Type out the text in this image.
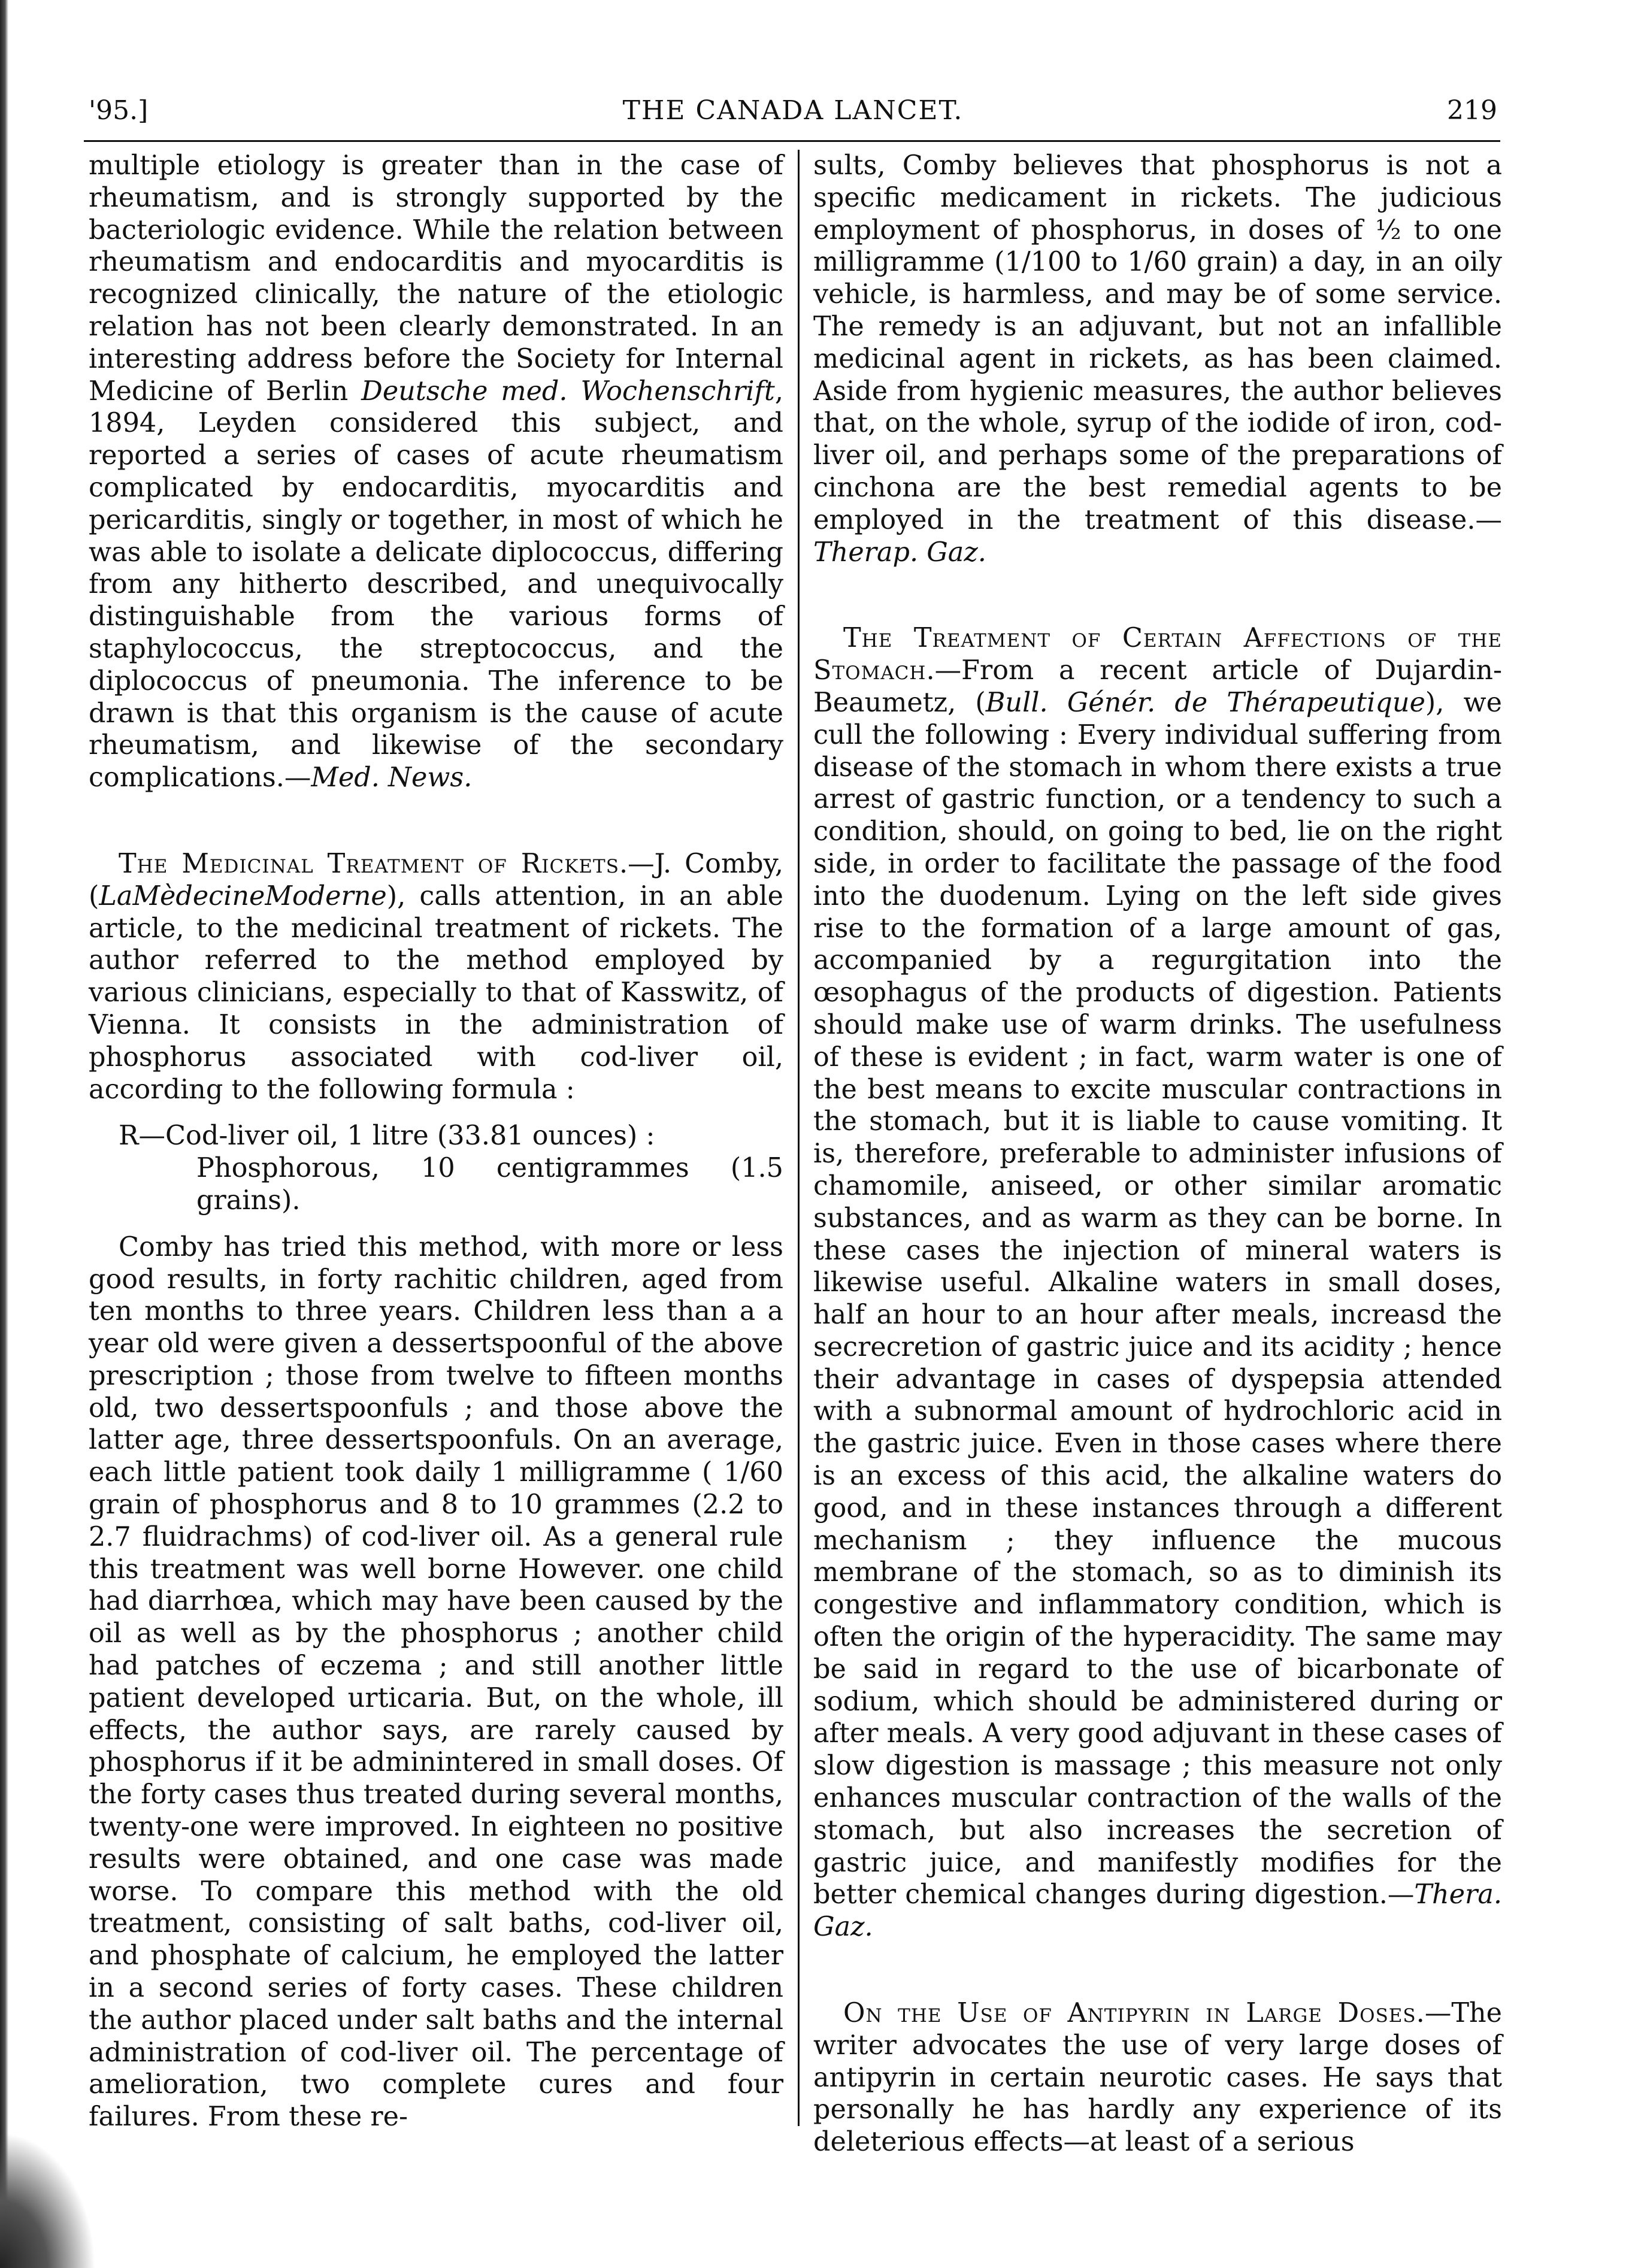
'95.]	THE CANADA LANCET.	219

multiple etiology is greater than in the case of rheumatism, and is strongly supported by the bacteriologic evidence. While the relation between rheumatism and endocarditis and myocarditis is recognized clinically, the nature of the etiologic relation has not been clearly demonstrated. In an interesting address before the Society for Internal Medicine of Berlin Deutsche med. Wochenschrift, 1894, Leyden considered this subject, and reported a series of cases of acute rheumatism complicated by endocarditis, myocarditis and pericarditis, singly or together, in most of which he was able to isolate a delicate diplococcus, differing from any hitherto described, and unequivocally distinguishable from the various forms of staphylococcus, the streptococcus, and the diplococcus of pneumonia. The inference to be drawn is that this organism is the cause of acute rheumatism, and likewise of the secondary complications.—Med. News.

The Medicinal Treatment of Rickets.—J. Comby, (LaMèdecineModerne), calls attention, in an able article, to the medicinal treatment of rickets. The author referred to the method employed by various clinicians, especially to that of Kasswitz, of Vienna. It consists in the administration of phosphorus associated with cod-liver oil, according to the following formula :

R—Cod-liver oil, 1 litre (33.81 ounces) :
Phosphorous, 10 centigrammes (1.5 grains).

Comby has tried this method, with more or less good results, in forty rachitic children, aged from ten months to three years. Children less than a a year old were given a dessertspoonful of the above prescription ; those from twelve to fifteen months old, two dessertspoonfuls ; and those above the latter age, three dessertspoonfuls. On an average, each little patient took daily 1 milligramme ( 1/60 grain of phosphorus and 8 to 10 grammes (2.2 to 2.7 fluidrachms) of cod-liver oil. As a general rule this treatment was well borne However. one child had diarrhœa, which may have been caused by the oil as well as by the phosphorus ; another child had patches of eczema ; and still another little patient developed urticaria. But, on the whole, ill effects, the author says, are rarely caused by phosphorus if it be adminintered in small doses. Of the forty cases thus treated during several months, twenty-one were improved. In eighteen no positive results were obtained, and one case was made worse. To compare this method with the old treatment, consisting of salt baths, cod-liver oil, and phosphate of calcium, he employed the latter in a second series of forty cases. These children the author placed under salt baths and the internal administration of cod-liver oil. The percentage of amelioration, two complete cures and four failures. From these re-

sults, Comby believes that phosphorus is not a specific medicament in rickets. The judicious employment of phosphorus, in doses of ½ to one milligramme (1/100 to 1/60 grain) a day, in an oily vehicle, is harmless, and may be of some service. The remedy is an adjuvant, but not an infallible medicinal agent in rickets, as has been claimed. Aside from hygienic measures, the author believes that, on the whole, syrup of the iodide of iron, cod-liver oil, and perhaps some of the preparations of cinchona are the best remedial agents to be employed in the treatment of this disease.—Therap. Gaz.

The Treatment of Certain Affections of the Stomach.—From a recent article of Dujardin-Beaumetz, (Bull. Génér. de Thérapeutique), we cull the following : Every individual suffering from disease of the stomach in whom there exists a true arrest of gastric function, or a tendency to such a condition, should, on going to bed, lie on the right side, in order to facilitate the passage of the food into the duodenum. Lying on the left side gives rise to the formation of a large amount of gas, accompanied by a regurgitation into the œsophagus of the products of digestion. Patients should make use of warm drinks. The usefulness of these is evident ; in fact, warm water is one of the best means to excite muscular contractions in the stomach, but it is liable to cause vomiting. It is, therefore, preferable to administer infusions of chamomile, aniseed, or other similar aromatic substances, and as warm as they can be borne. In these cases the injection of mineral waters is likewise useful. Alkaline waters in small doses, half an hour to an hour after meals, increasd the secrecretion of gastric juice and its acidity ; hence their advantage in cases of dyspepsia attended with a subnormal amount of hydrochloric acid in the gastric juice. Even in those cases where there is an excess of this acid, the alkaline waters do good, and in these instances through a different mechanism ; they influence the mucous membrane of the stomach, so as to diminish its congestive and inflammatory condition, which is often the origin of the hyperacidity. The same may be said in regard to the use of bicarbonate of sodium, which should be administered during or after meals. A very good adjuvant in these cases of slow digestion is massage ; this measure not only enhances muscular contraction of the walls of the stomach, but also increases the secretion of gastric juice, and manifestly modifies for the better chemical changes during digestion.—Thera. Gaz.

On the Use of Antipyrin in Large Doses.—The writer advocates the use of very large doses of antipyrin in certain neurotic cases. He says that personally he has hardly any experience of its deleterious effects—at least of a serious
